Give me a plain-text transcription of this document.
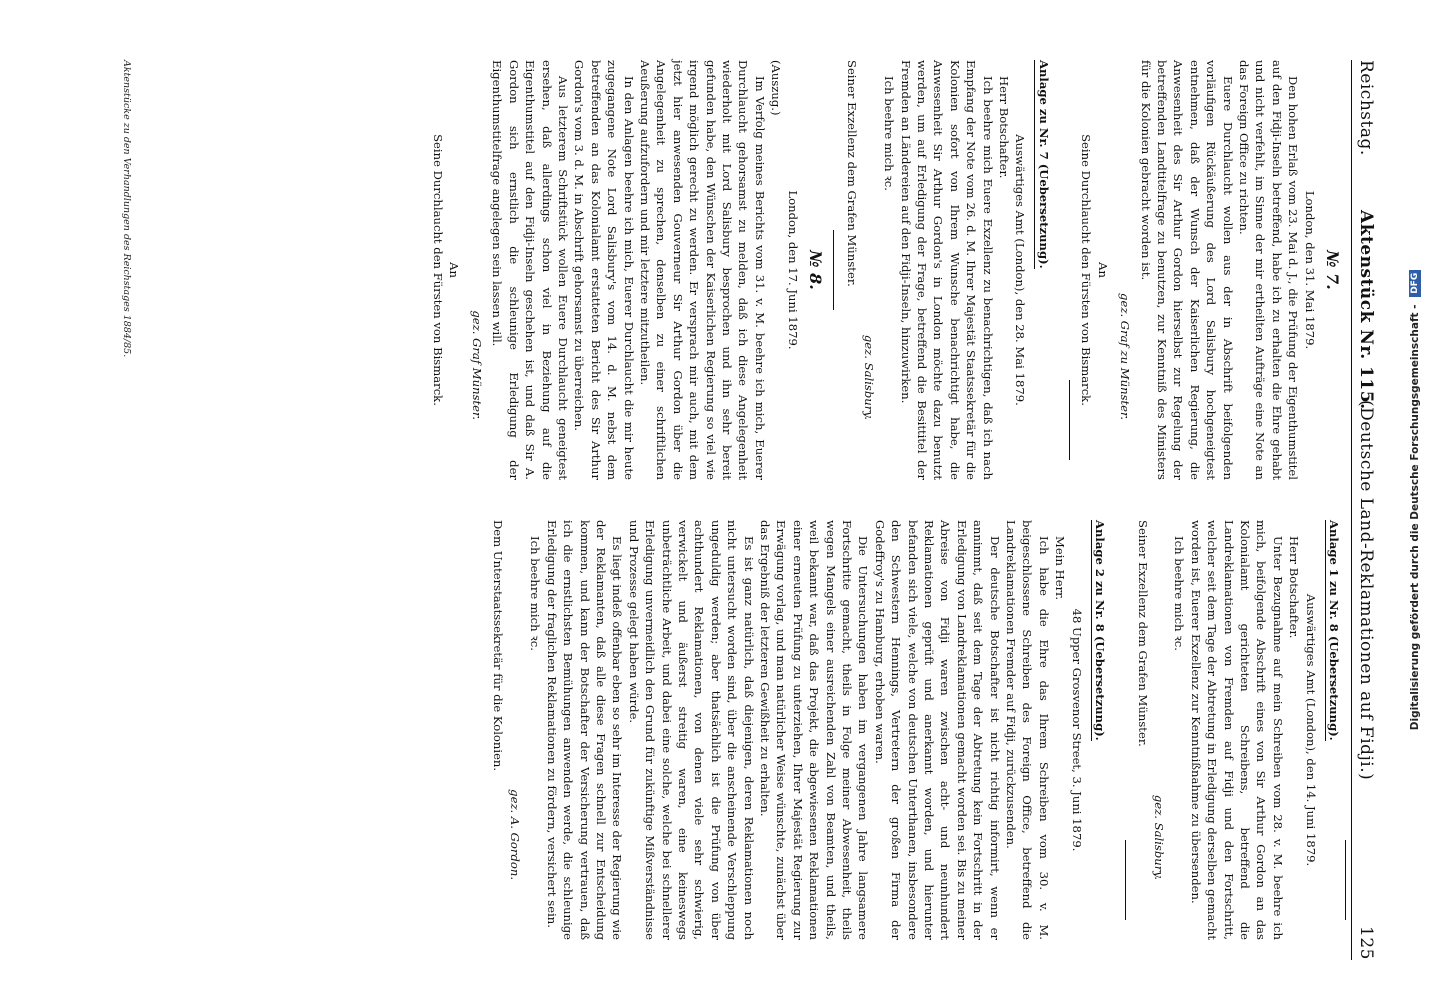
Reichstag.
Aktenstück Nr. 115.
(Deutsche Land-Reklamationen auf Fidji.)
125
№ 7.
London, den 31. Mai 1879.

Den hohen Erlaß vom 23. Mai d. J., die Prüfung der Eigenthumstitel auf den Fidji-Inseln betreffend, habe ich zu erhalten die Ehre gehabt und nicht verfehlt, im Sinne der mir ertheilten Aufträge eine Note an das Foreign Office zu richten.

Euere Durchlaucht wollen aus der in Abschrift beifolgenden vorläufigen Rückäußerung des Lord Salisbury hochgeneigtest entnehmen, daß der Wunsch der Kaiserlichen Regierung, die Anwesenheit des Sir Arthur Gordon hierselbst zur Regelung der betreffenden Landtitelfrage zu benutzen, zur Kenntniß des Ministers für die Kolonien gebracht worden ist.

gez. Graf zu Münster.
An
Seine Durchlaucht den Fürsten von Bismarck.
Anlage zu Nr. 7 (Uebersetzung).
Auswärtiges Amt (London), den 28. Mai 1879.
Herr Botschafter.

Ich beehre mich Euere Exzellenz zu benachrichtigen, daß ich nach Empfang der Note vom 26. d. M. Ihrer Majestät Staatssekretär für die Kolonien sofort von Ihrem Wunsche benachrichtigt habe, die Anwesenheit Sir Arthur Gordon's in London möchte dazu benutzt werden, um auf Erledigung der Frage, betreffend die Besittitel der Fremden an Ländereien auf den Fidji-Inseln, hinzuwirken.

Ich beehre mich ꝛc.
gez. Salisbury.
Seiner Exzellenz dem Grafen Münster.
№ 8.
London, den 17. Juni 1879.
(Auszug.)

Im Verfolg meines Berichts vom 31. v. M. beehre ich mich, Euerer Durchlaucht gehorsamst zu melden, daß ich diese Angelegenheit wiederholt mit Lord Salisbury besprochen und ihn sehr bereit gefunden habe, den Wünschen der Kaiserlichen Regierung so viel wie irgend möglich gerecht zu werden. Er versprach mir auch, mit dem jetzt hier anwesenden Gouverneur Sir Arthur Gordon über die Angelegenheit zu sprechen, denselben zu einer schriftlichen Aeußerung aufzufordern und mir letztere mitzutheilen.

In den Anlagen beehre ich mich, Euerer Durchlaucht die mir heute zugegangene Note Lord Salisbury's vom 14. d. M. nebst dem betreffenden an das Kolonialamt erstatteten Bericht des Sir Arthur Gordon's vom 3. d. M. in Abschrift gehorsamst zu überreichen.

Aus letzterem Schriftstück wollen Euere Durchlaucht geneigtest ersehen, daß allerdings schon viel in Beziehung auf die Eigenthumstitel auf den Fidji-Inseln geschehen ist, und daß Sir A. Gordon sich ernstlich die schleunige Erledigung der Eigenthumstitelfrage angelegen sein lassen will.

gez. Graf Münster.
An
Seine Durchlaucht den Fürsten von Bismarck.
Anlage 1 zu Nr. 8 (Uebersetzung).
Auswärtiges Amt (London), den 14. Juni 1879.
Herr Botschafter.

Unter Bezugnahme auf mein Schreiben vom 28. v. M. beehre ich mich, beifolgende Abschrift eines von Sir Arthur Gordon an das Kolonialamt gerichteten Schreibens, betreffend die Landreklamationen von Fremden auf Fidji und den Fortschritt, welcher seit dem Tage der Abtretung in Erledigung derselben gemacht worden ist, Euerer Exzellenz zur Kenntnißnahme zu übersenden.

Ich beehre mich ꝛc.
gez. Salisbury.
Seiner Exzellenz dem Grafen Münster.
Anlage 2 zu Nr. 8 (Uebersetzung).
48 Upper Grosvenor Street, 3. Juni 1879.
Mein Herr.

Ich habe die Ehre das Ihrem Schreiben vom 30. v. M. beigeschlossene Schreiben des Foreign Office, betreffend die Landreklamationen Fremder auf Fidji, zurückzusenden.

Der deutsche Botschafter ist nicht richtig informirt, wenn er annimmt, daß seit dem Tage der Abtretung kein Fortschritt in der Erledigung von Landreklamationen gemacht worden sei. Bis zu meiner Abreise von Fidji waren zwischen acht- und neunhundert Reklamationen geprüft und anerkannt worden, und hierunter befanden sich viele, welche von deutschen Unterthanen, insbesondere den Schwestern Hennings, Vertretern der großen Firma der Godeffroy's zu Hamburg, erhoben waren.

Die Untersuchungen haben im vergangenen Jahre langsamere Fortschritte gemacht, theils in Folge meiner Abwesenheit, theils wegen Mangels einer ausreichenden Zahl von Beamten, und theils, weil bekannt war, daß das Projekt, die abgewiesenen Reklamationen einer erneuten Prüfung zu unterziehen, Ihrer Majestät Regierung zur Erwägung vorlag, und man natürlicher Weise wünschte, zunächst über das Ergebniß der letzteren Gewißheit zu erhalten.

Es ist ganz natürlich, daß diejenigen, deren Reklamationen noch nicht untersucht worden sind, über die anscheinende Verschleppung ungeduldig werden; aber thatsächlich ist die Prüfung von über achthundert Reklamationen, von denen viele sehr schwierig, verwickelt und äußerst streitig waren, eine keineswegs unbeträchtliche Arbeit, und dabei eine solche, welche bei schnellerer Erledigung unvermeidlich den Grund für zukünftige Mißverständnisse und Prozesse gelegt haben würde.

Es liegt indeß offenbar eben so sehr im Interesse der Regierung wie der Reklamanten, daß alle diese Fragen schnell zur Entscheidung kommen, und kann der Botschafter der Versicherung vertrauen, daß ich die ernstlichsten Bemühungen anwenden werde, die schleunige Erledigung der fraglichen Reklamationen zu fördern, versichert sein.

Ich beehre mich ꝛc.
gez. A. Gordon.
Dem Unterstaatssekretär für die Kolonien.
Aktenstücke zu den Verhandlungen des Reichstages 1884/85.
Digitalisierung gefördert durch die Deutsche Forschungsgemeinschaft - DFG
